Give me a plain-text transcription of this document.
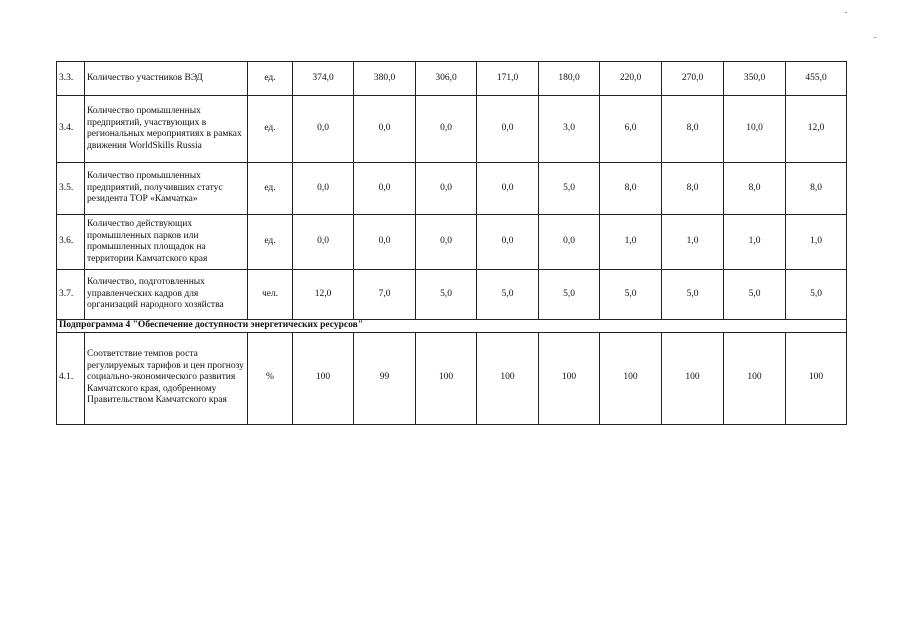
3.3.	Количество участников ВЭД	ед.	374,0	380,0	306,0	171,0	180,0	220,0	270,0	350,0	455,0
3.4.	Количество промышленных предприятий, участвующих в региональных мероприятиях в рамках движения WorldSkills Russia	ед.	0,0	0,0	0,0	0,0	3,0	6,0	8,0	10,0	12,0
3.5.	Количество промышленных предприятий, получивших статус резидента ТОР «Камчатка»	ед.	0,0	0,0	0,0	0,0	5,0	8,0	8,0	8,0	8,0
3.6.	Количество действующих промышленных парков или промышленных площадок на территории Камчатского края	ед.	0,0	0,0	0,0	0,0	0,0	1,0	1,0	1,0	1,0
3.7.	Количество, подготовленных управленческих кадров для организаций народного хозяйства	чел.	12,0	7,0	5,0	5,0	5,0	5,0	5,0	5,0	5,0
Подпрограмма 4 "Обеспечение доступности энергетических ресурсов"											
4.1.	Соответствие темпов роста регулируемых тарифов и цен прогнозу социально-экономического развития Камчатского края, одобренному Правительством Камчатского края	%	100	99	100	100	100	100	100	100	100
